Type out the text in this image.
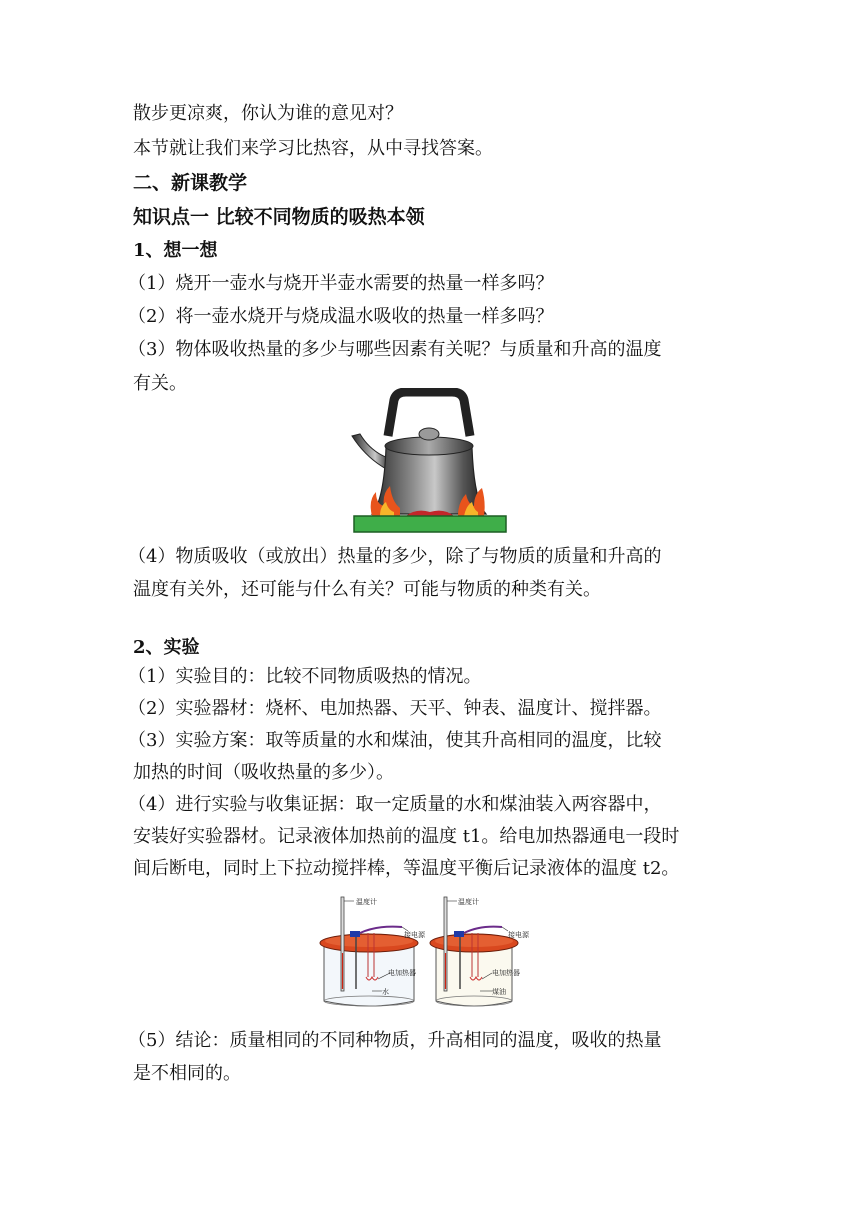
散步更凉爽，你认为谁的意见对？
本节就让我们来学习比热容，从中寻找答案。
二、新课教学
知识点一 比较不同物质的吸热本领
1、想一想
（1）烧开一壶水与烧开半壶水需要的热量一样多吗？
（2）将一壶水烧开与烧成温水吸收的热量一样多吗？
（3）物体吸收热量的多少与哪些因素有关呢？与质量和升高的温度
有关。
（4）物质吸收（或放出）热量的多少，除了与物质的质量和升高的
温度有关外，还可能与什么有关？可能与物质的种类有关。
2、实验
（1）实验目的：比较不同物质吸热的情况。
（2）实验器材：烧杯、电加热器、天平、钟表、温度计、搅拌器。
（3）实验方案：取等质量的水和煤油，使其升高相同的温度，比较
加热的时间（吸收热量的多少）。
（4）进行实验与收集证据：取一定质量的水和煤油装入两容器中，
安装好实验器材。记录液体加热前的温度 t1。给电加热器通电一段时
间后断电，同时上下拉动搅拌棒，等温度平衡后记录液体的温度 t2。
温度计
接电源
电加热器
水
温度计
接电源
电加热器
煤油
（5）结论：质量相同的不同种物质，升高相同的温度，吸收的热量
是不相同的。
